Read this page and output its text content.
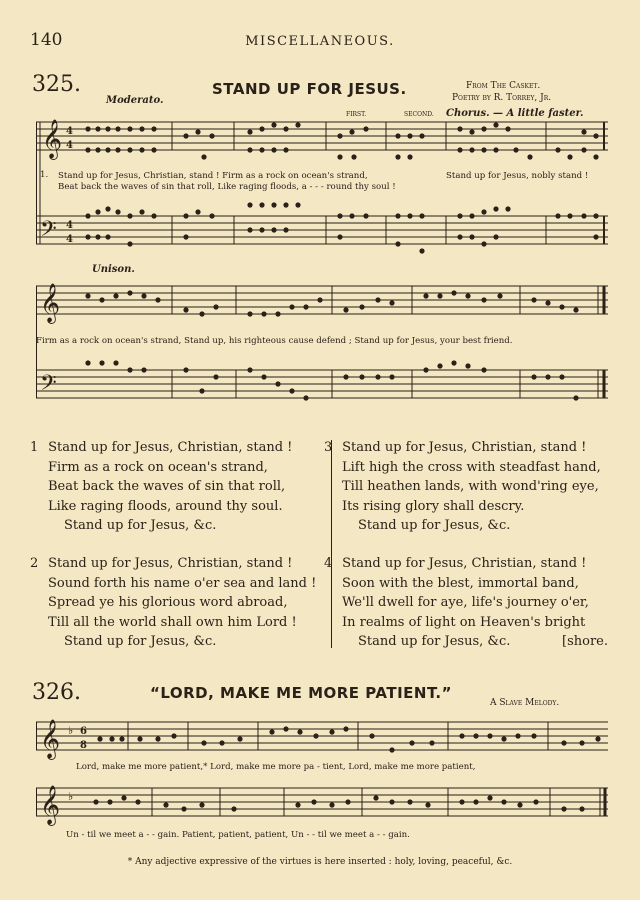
140	MISCELLANEOUS.
325.	STAND UP FOR JESUS.	From The Casket.
Poetry by R. Torrey, Jr.
Moderato.
FIRST.	SECOND. Chorus. — A little faster.
𝄞
𝄢
4
4
4
4
1. Stand up for Jesus, Christian, stand ! Firm as a rock on ocean's strand,	Stand up for Jesus, nobly stand !
Beat back the waves of sin that roll, Like raging floods, a - - - round thy soul !
Unison.
𝄞
𝄢
Firm as a rock on ocean's strand, Stand up, his righteous cause defend ; Stand up for Jesus, your best friend.

1 Stand up for Jesus, Christian, stand !

Firm as a rock on ocean's strand,

Beat back the waves of sin that roll,

Like raging floods, around thy soul.

Stand up for Jesus, &c.

2 Stand up for Jesus, Christian, stand !

Sound forth his name o'er sea and land !

Spread ye his glorious word abroad,

Till all the world shall own him Lord !

Stand up for Jesus, &c.

3 Stand up for Jesus, Christian, stand !

Lift high the cross with steadfast hand,

Till heathen lands, with wond'ring eye,

Its rising glory shall descry.

Stand up for Jesus, &c.

4 Stand up for Jesus, Christian, stand !

Soon with the blest, immortal band,

We'll dwell for aye, life's journey o'er,

In realms of light on Heaven's bright

Stand up for Jesus, &c.	[shore.

326.	“LORD, MAKE ME MORE PATIENT.”
A Slave Melody.
𝄞 ♭ 6
8
Lord, make me more patient,* Lord, make me more pa - tient, Lord, make me more patient,
𝄞 ♭
Un - til we meet a - - gain. Patient, patient, patient, Un - - til we meet a - - gain.
* Any adjective expressive of the virtues is here inserted : holy, loving, peaceful, &c.
